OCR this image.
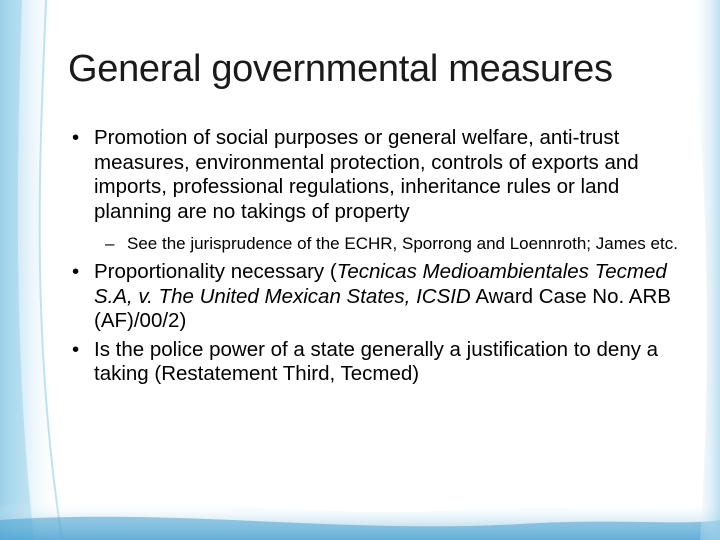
General governmental measures
• Promotion of social purposes or general welfare, anti-trust measures, environmental protection, controls of exports and imports, professional regulations, inheritance rules or land planning are no takings of property
– See the jurisprudence of the ECHR, Sporrong and Loennroth; James etc.
• Proportionality necessary (Tecnicas Medioambientales Tecmed S.A, v. The United Mexican States, ICSID Award Case No. ARB (AF)/00/2)
• Is the police power of a state generally a justification to deny a taking (Restatement Third, Tecmed)
